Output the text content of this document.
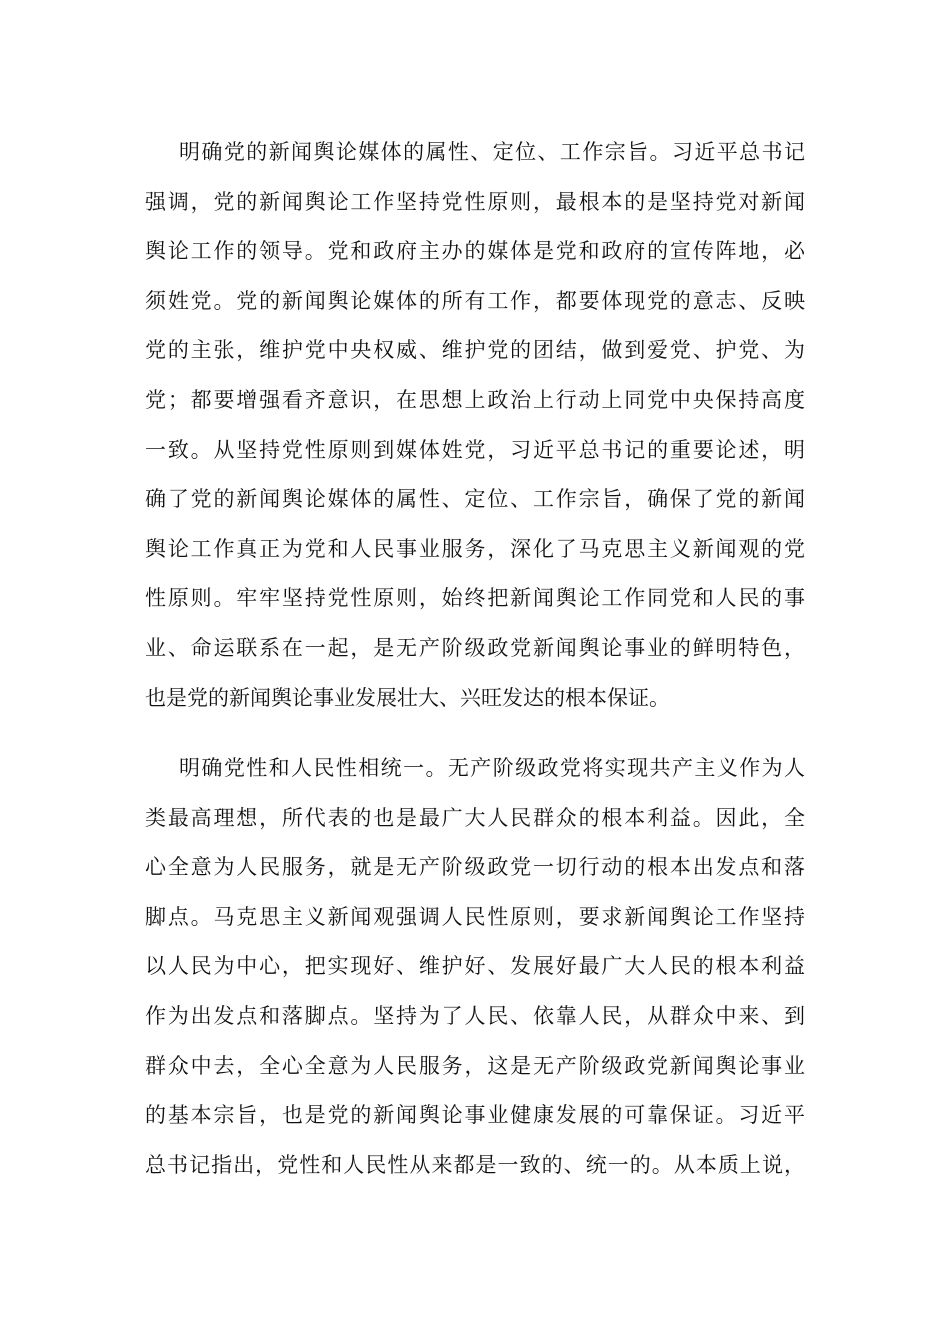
明确党的新闻舆论媒体的属性、定位、工作宗旨。习近平总书记
强调，党的新闻舆论工作坚持党性原则，最根本的是坚持党对新闻
舆论工作的领导。党和政府主办的媒体是党和政府的宣传阵地，必
须姓党。党的新闻舆论媒体的所有工作，都要体现党的意志、反映
党的主张，维护党中央权威、维护党的团结，做到爱党、护党、为
党；都要增强看齐意识，在思想上政治上行动上同党中央保持高度
一致。从坚持党性原则到媒体姓党，习近平总书记的重要论述，明
确了党的新闻舆论媒体的属性、定位、工作宗旨，确保了党的新闻
舆论工作真正为党和人民事业服务，深化了马克思主义新闻观的党
性原则。牢牢坚持党性原则，始终把新闻舆论工作同党和人民的事
业、命运联系在一起，是无产阶级政党新闻舆论事业的鲜明特色，
也是党的新闻舆论事业发展壮大、兴旺发达的根本保证。

明确党性和人民性相统一。无产阶级政党将实现共产主义作为人
类最高理想，所代表的也是最广大人民群众的根本利益。因此，全
心全意为人民服务，就是无产阶级政党一切行动的根本出发点和落
脚点。马克思主义新闻观强调人民性原则，要求新闻舆论工作坚持
以人民为中心，把实现好、维护好、发展好最广大人民的根本利益
作为出发点和落脚点。坚持为了人民、依靠人民，从群众中来、到
群众中去，全心全意为人民服务，这是无产阶级政党新闻舆论事业
的基本宗旨，也是党的新闻舆论事业健康发展的可靠保证。习近平
总书记指出，党性和人民性从来都是一致的、统一的。从本质上说，
